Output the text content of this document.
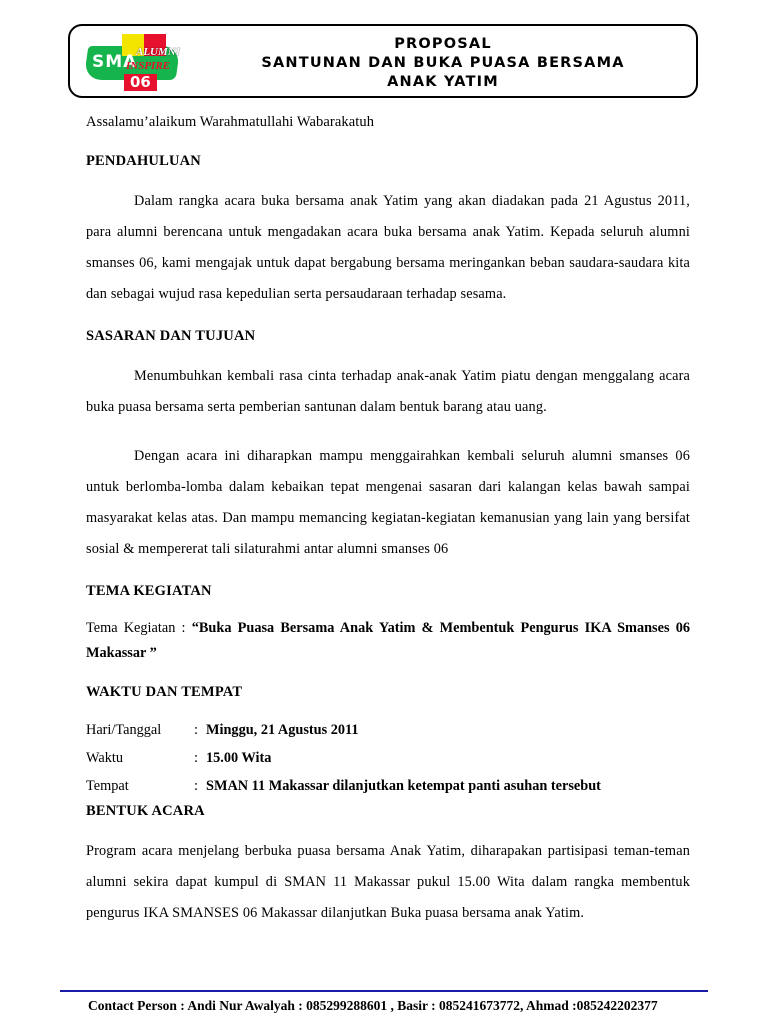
SMA
ALUMNI
INSPIRE
06
PROPOSAL
SANTUNAN DAN BUKA PUASA BERSAMA
ANAK YATIM
Assalamu’alaikum Warahmatullahi Wabarakatuh
PENDAHULUAN

Dalam rangka acara buka bersama anak Yatim yang akan diadakan pada 21 Agustus 2011, para alumni berencana untuk mengadakan acara buka bersama anak Yatim. Kepada seluruh alumni smanses 06, kami mengajak untuk dapat bergabung bersama meringankan beban saudara-saudara kita dan sebagai wujud rasa kepedulian serta persaudaraan terhadap sesama.

SASARAN DAN TUJUAN

Menumbuhkan kembali rasa cinta terhadap anak-anak Yatim piatu dengan menggalang acara buka puasa bersama serta pemberian santunan dalam bentuk barang atau uang.

Dengan acara ini diharapkan mampu menggairahkan kembali seluruh alumni smanses 06 untuk berlomba-lomba dalam kebaikan tepat mengenai sasaran dari kalangan kelas bawah sampai masyarakat kelas atas. Dan mampu memancing kegiatan-kegiatan kemanusian yang lain yang bersifat sosial & mempererat tali silaturahmi antar alumni smanses 06

TEMA KEGIATAN
Tema Kegiatan : “Buka Puasa Bersama Anak Yatim & Membentuk Pengurus IKA Smanses 06 Makassar ”
WAKTU DAN TEMPAT
Hari/Tanggal	:	Minggu, 21 Agustus 2011
Waktu	:	15.00 Wita
Tempat	:	SMAN 11 Makassar dilanjutkan ketempat panti asuhan tersebut
BENTUK ACARA

Program acara menjelang berbuka puasa bersama Anak Yatim, diharapakan partisipasi teman-teman alumni sekira dapat kumpul di SMAN 11 Makassar pukul 15.00 Wita dalam rangka membentuk pengurus IKA SMANSES 06 Makassar dilanjutkan Buka puasa bersama anak Yatim.

Contact Person : Andi Nur Awalyah : 085299288601 , Basir : 085241673772, Ahmad :085242202377
